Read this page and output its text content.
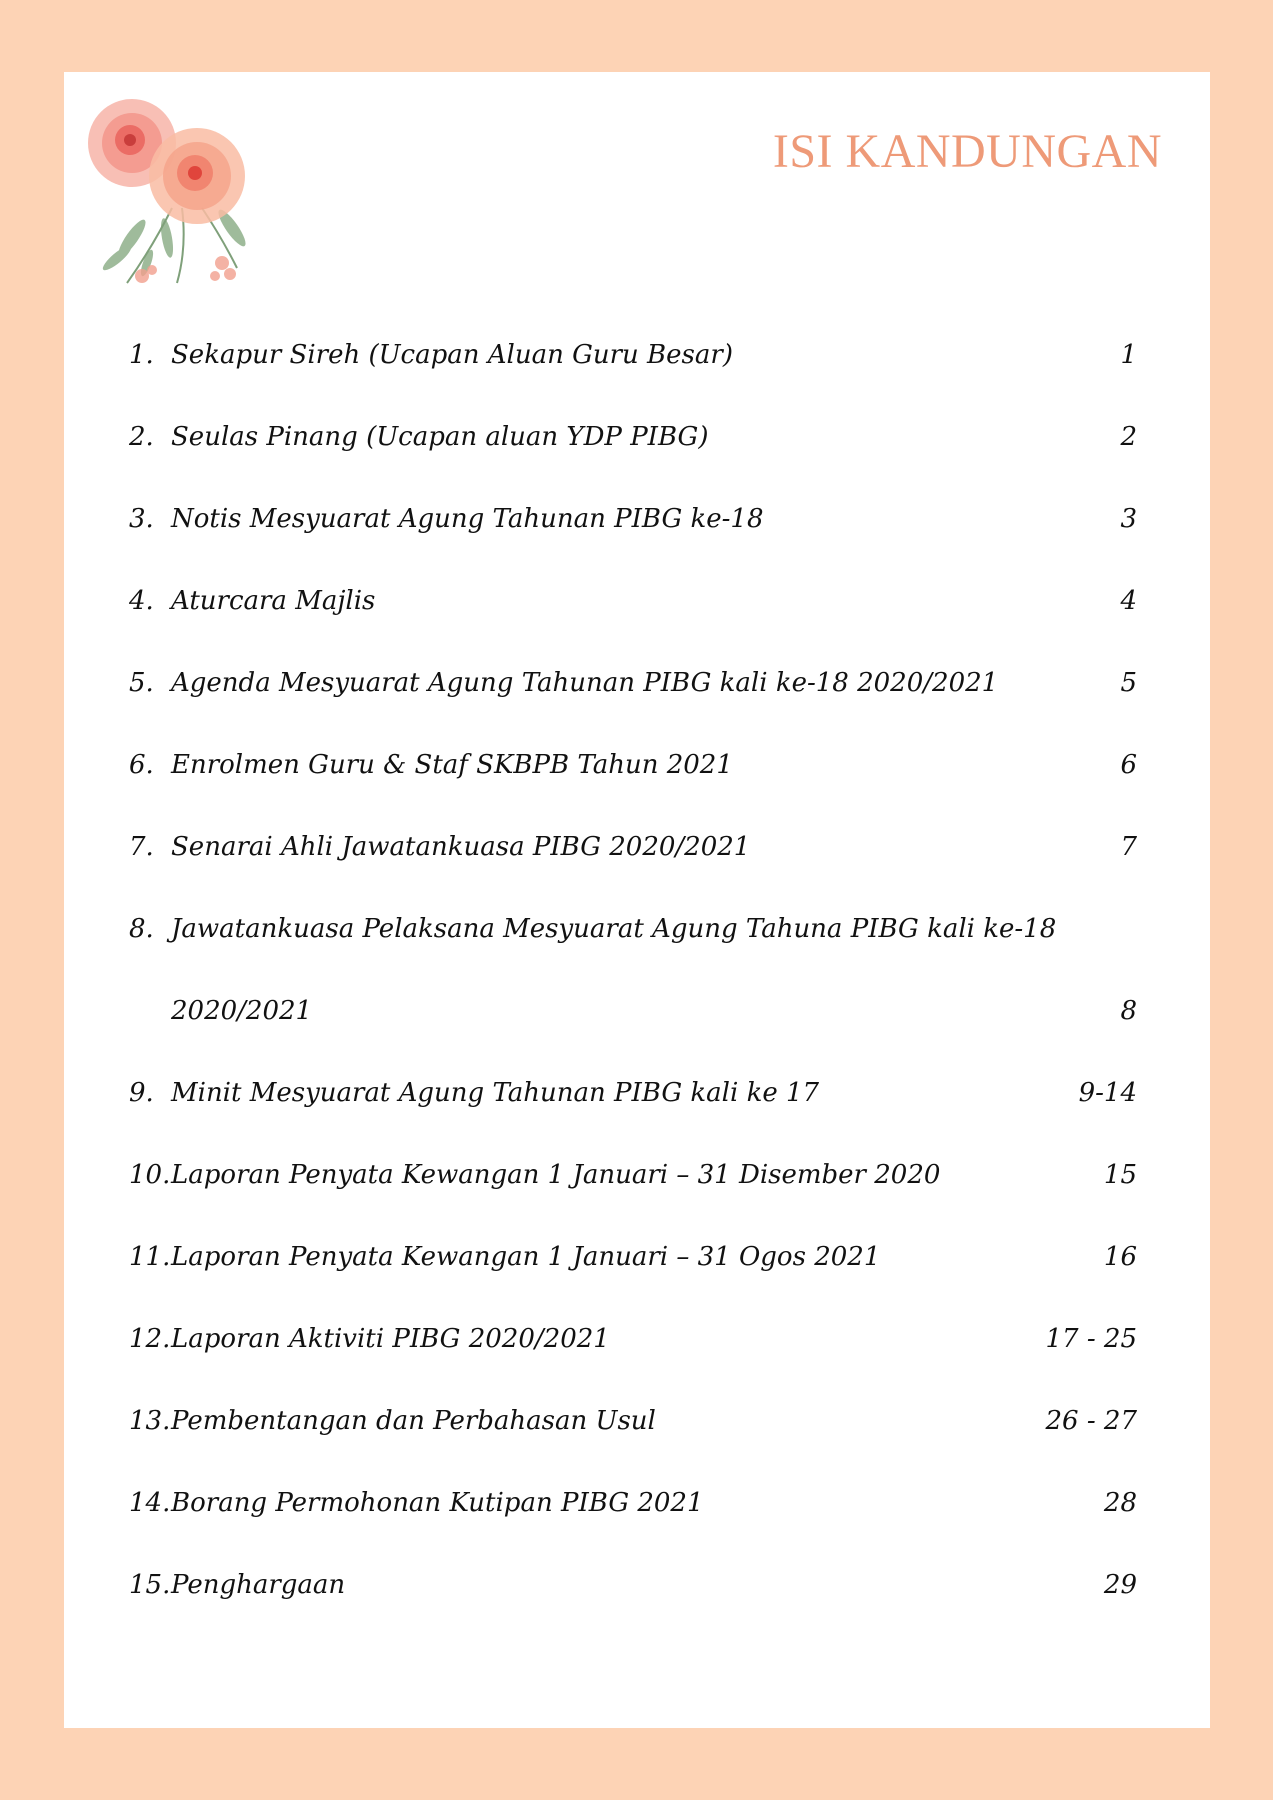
ISI KANDUNGAN
1. Sekapur Sireh (Ucapan Aluan Guru Besar)	1
2. Seulas Pinang (Ucapan aluan YDP PIBG)	2
3. Notis Mesyuarat Agung Tahunan PIBG ke-18	3
4. Aturcara Majlis	4
5. Agenda Mesyuarat Agung Tahunan PIBG kali ke-18 2020/2021	5
6. Enrolmen Guru & Staf SKBPB Tahun 2021	6
7. Senarai Ahli Jawatankuasa PIBG 2020/2021	7
8. Jawatankuasa Pelaksana Mesyuarat Agung Tahuna PIBG kali ke-18
2020/2021	8
9. Minit Mesyuarat Agung Tahunan PIBG kali ke 17	9-14
10. Laporan Penyata Kewangan 1 Januari – 31 Disember 2020	15
11. Laporan Penyata Kewangan 1 Januari – 31 Ogos 2021	16
12. Laporan Aktiviti PIBG 2020/2021	17 - 25
13. Pembentangan dan Perbahasan Usul	26 - 27
14. Borang Permohonan Kutipan PIBG 2021	28
15. Penghargaan	29
